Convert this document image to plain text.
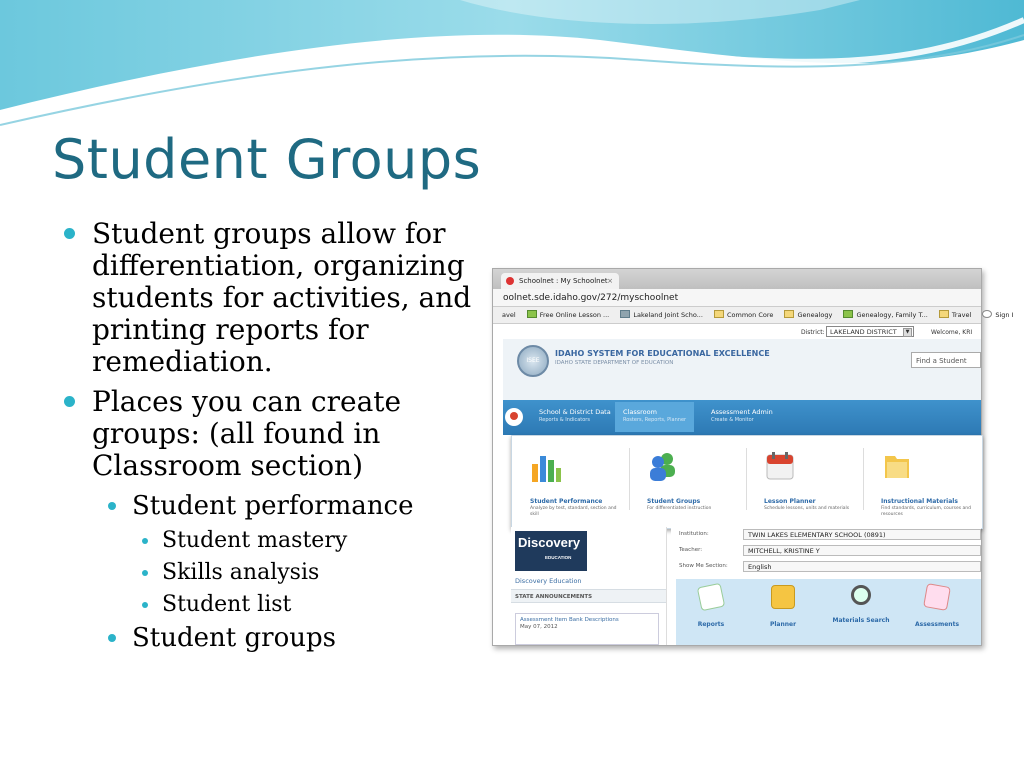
Student Groups
Student groups allow for differentiation, organizing students for activities, and printing reports for remediation.
Places you can create groups: (all found in Classroom section)
Student performance
Student mastery
Skills analysis
Student list
Student groups
Schoolnet : My Schoolnet ×
oolnet.sde.idaho.gov/272/myschoolnet
avel	Free Online Lesson ...	Lakeland Joint Scho...	Common Core	Genealogy	Genealogy, Family T...	Travel	Sign I
District: LAKELAND DISTRICT	▼	Welcome, KRI
ISEE
IDAHO SYSTEM FOR EDUCATIONAL EXCELLENCE
IDAHO STATE DEPARTMENT OF EDUCATION	Find a Student
School & District Data
Reports & Indicators
Classroom
Rosters, Reports, Planner
Assessment Admin
Create & Monitor
Student Performance
Analyze by test, standard, section and skill
Student Groups
For differentiated instruction
Lesson Planner
Schedule lessons, units and materials
Instructional Materials
Find standards, curriculum, courses and resources
Discovery
EDUCATION
Discovery Education
STATE ANNOUNCEMENTS
Assessment Item Bank Descriptions
May 07, 2012
Institution:	TWIN LAKES ELEMENTARY SCHOOL (0891)
Teacher:	MITCHELL, KRISTINE Y
Show Me Section:	English
Reports	Planner
Materials Search
Assessments
